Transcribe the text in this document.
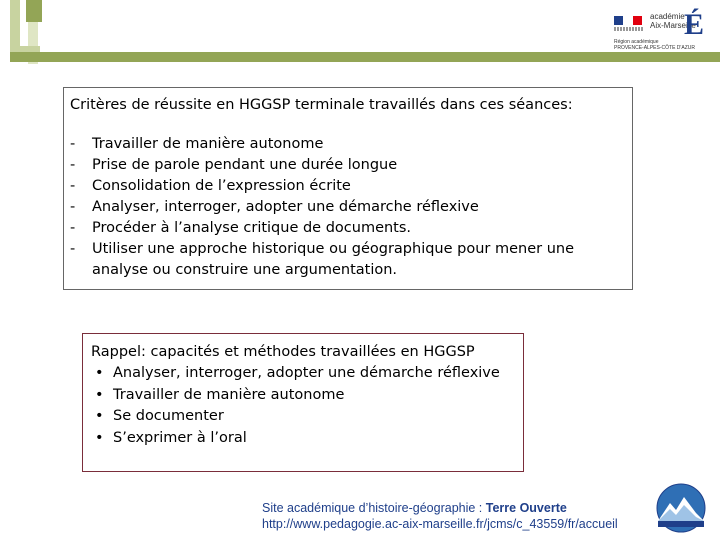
académie
Aix-Marseille
É
Région académique
PROVENCE-ALPES-CÔTE D'AZUR
Critères de réussite en HGGSP terminale travaillés dans ces séances:
- Travailler de manière autonome
- Prise de parole pendant une durée longue
- Consolidation de l’expression écrite
- Analyser, interroger, adopter une démarche réflexive
- Procéder à l’analyse critique de documents.
- Utiliser une approche historique ou géographique pour mener une analyse ou construire une argumentation.
Rappel: capacités et méthodes travaillées en HGGSP
• Analyser, interroger, adopter une démarche réflexive
• Travailler de manière autonome
• Se documenter
• S’exprimer à l’oral
Site académique d’histoire-géographie : Terre Ouverte
http://www.pedagogie.ac-aix-marseille.fr/jcms/c_43559/fr/accueil
